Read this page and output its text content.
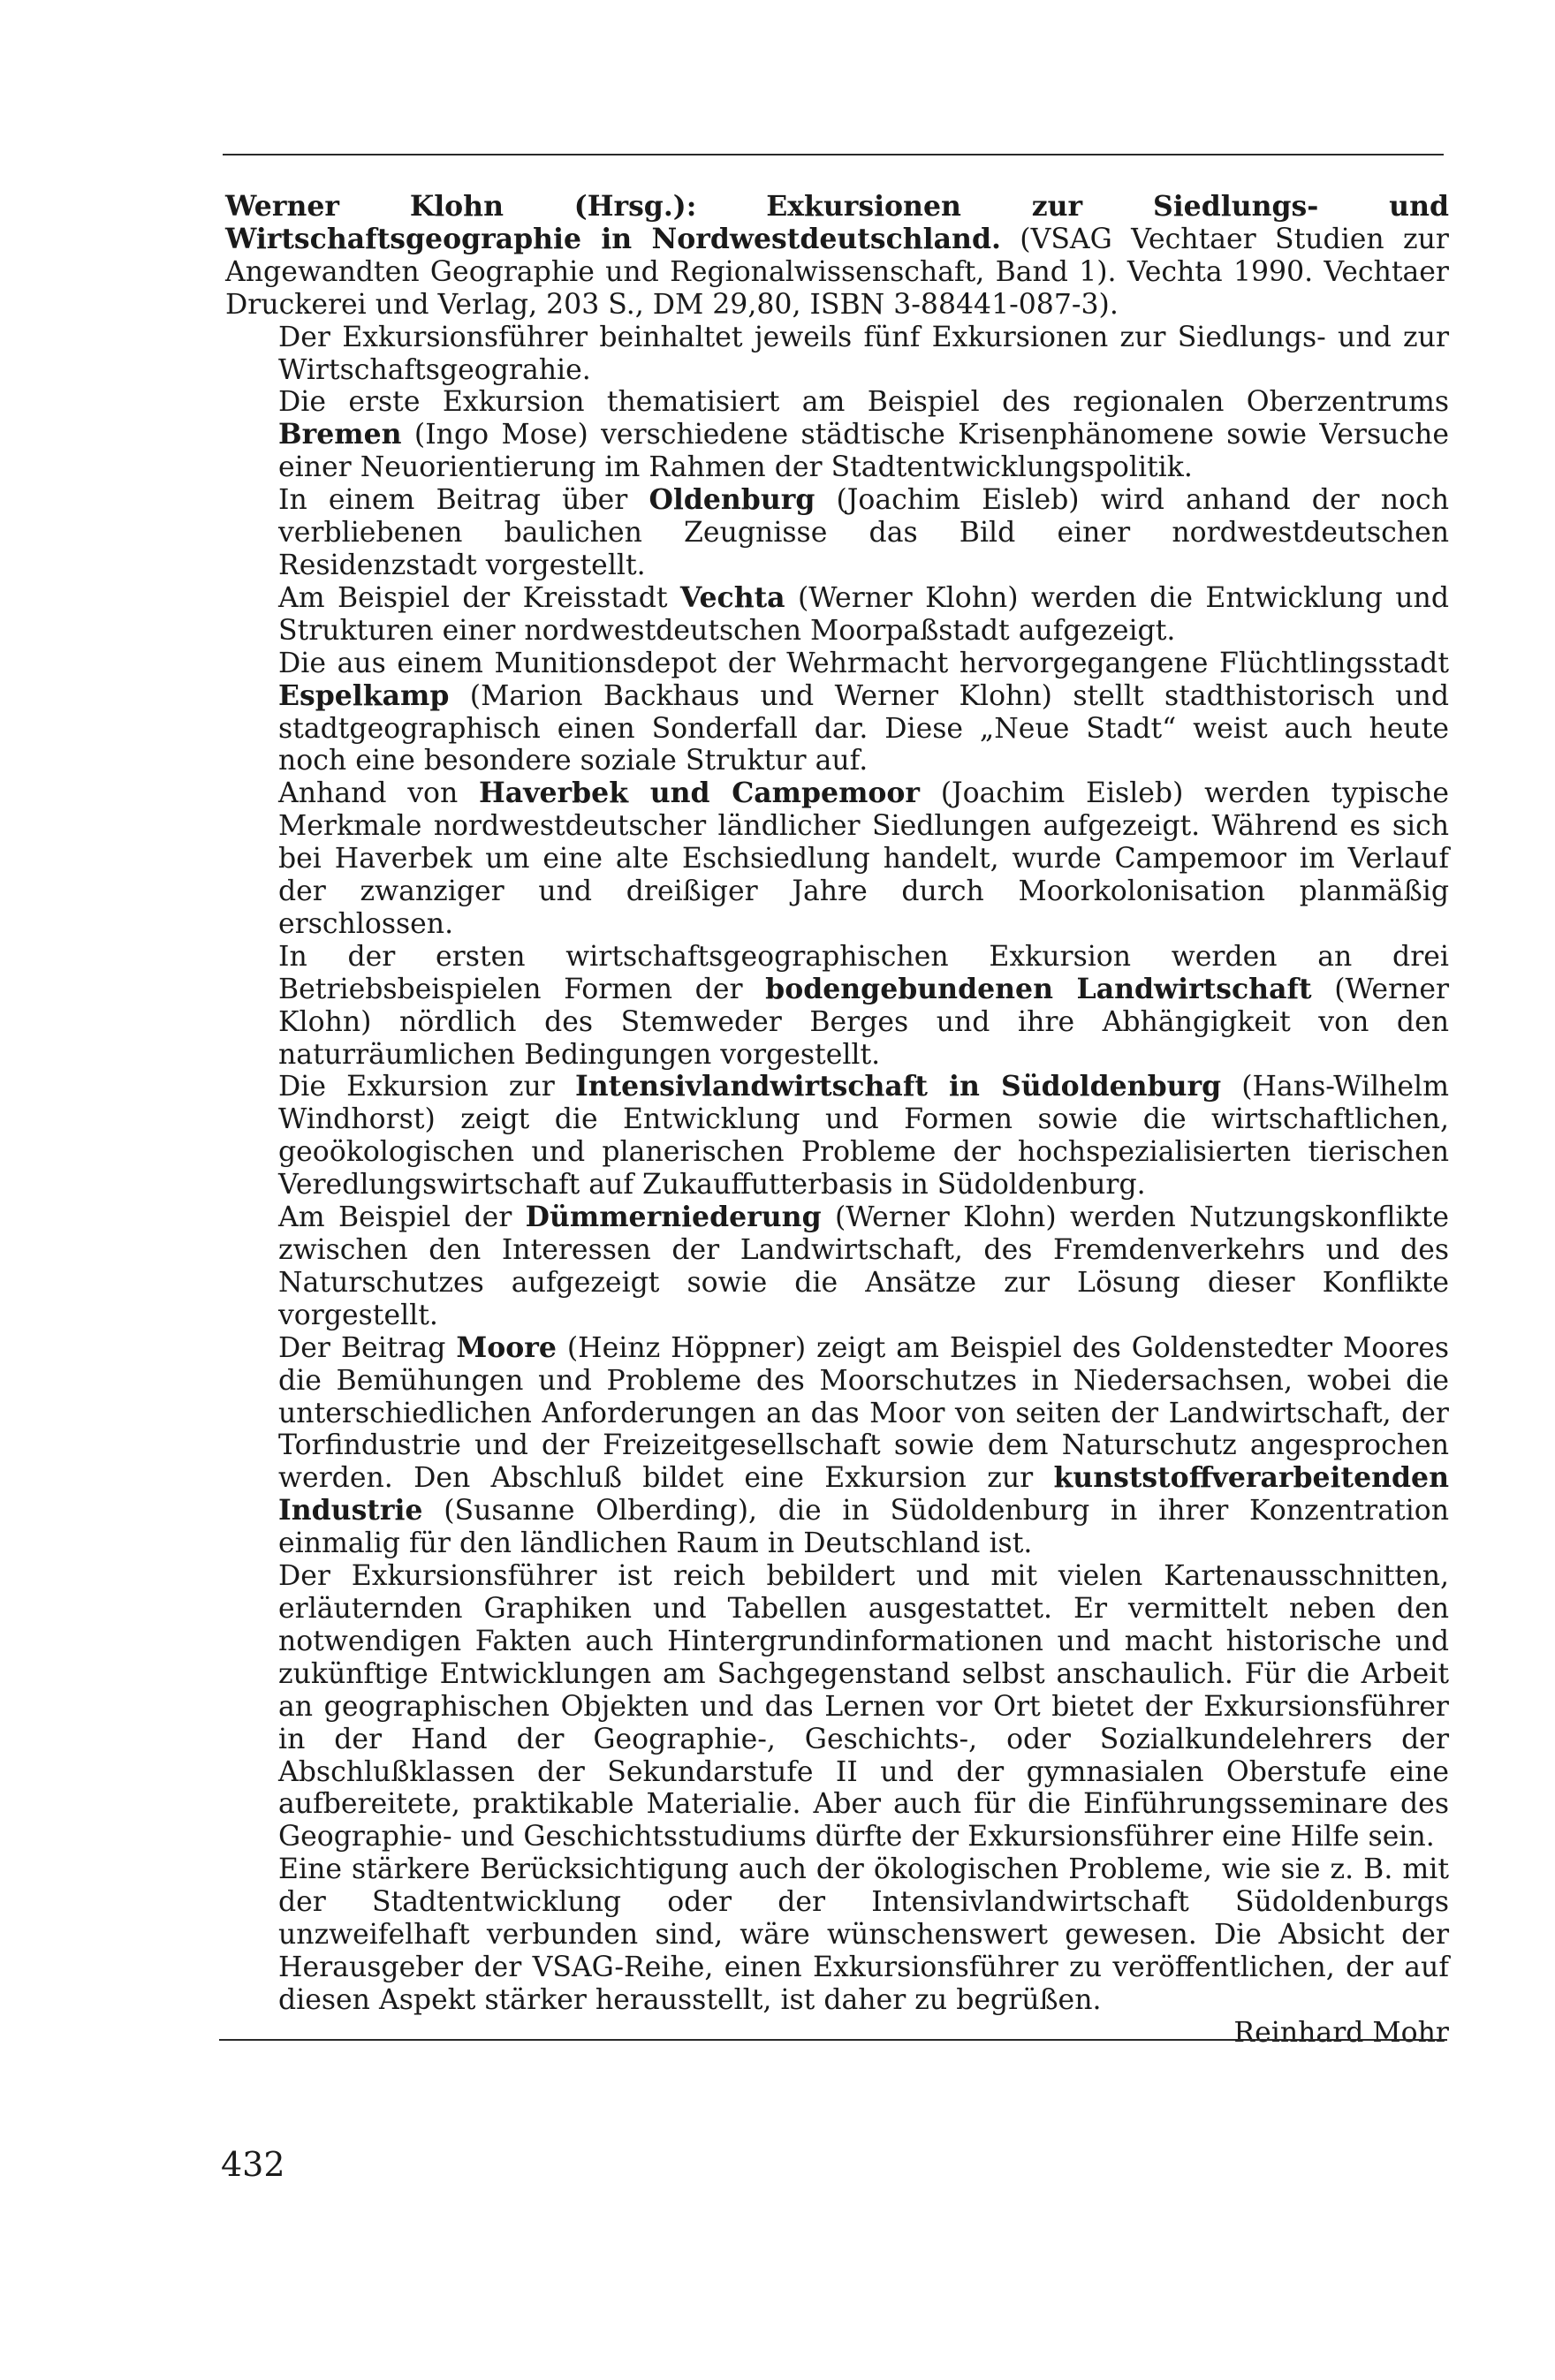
Werner Klohn (Hrsg.):	Exkursionen zur Siedlungs- und Wirtschaftsgeographie in Nordwestdeutschland. (VSAG Vechtaer Studien zur Angewandten Geographie und Regionalwissenschaft, Band 1). Vechta 1990. Vechtaer Druckerei und Verlag, 203 S., DM 29,80, ISBN 3-88441-087-3).

Der Exkursionsführer beinhaltet jeweils fünf Exkursionen zur Siedlungs- und zur Wirtschaftsgeograhie.

Die erste Exkursion thematisiert am Beispiel des regionalen Oberzentrums Bremen (Ingo Mose) verschiedene städtische Krisenphänomene sowie Versuche einer Neuorientierung im Rahmen der Stadtentwicklungspolitik.

In einem Beitrag über Oldenburg (Joachim Eisleb) wird anhand der noch verbliebenen baulichen Zeugnisse das Bild einer nordwestdeutschen Residenzstadt vorgestellt.

Am Beispiel der Kreisstadt Vechta (Werner Klohn) werden die Entwicklung und Strukturen einer nordwestdeutschen Moorpaßstadt aufgezeigt.

Die aus einem Munitionsdepot der Wehrmacht hervorgegangene Flüchtlingsstadt Espelkamp (Marion Backhaus und Werner Klohn) stellt stadthistorisch und stadtgeographisch einen Sonderfall dar. Diese „Neue Stadt“ weist auch heute noch eine besondere soziale Struktur auf.

Anhand von Haverbek und Campemoor (Joachim Eisleb) werden typische Merkmale nordwestdeutscher ländlicher Siedlungen aufgezeigt. Während es sich bei Haverbek um eine alte Eschsiedlung handelt, wurde Campemoor im Verlauf der zwanziger und dreißiger Jahre durch Moorkolonisation planmäßig erschlossen.

In der ersten wirtschaftsgeographischen Exkursion werden an drei Betriebsbeispielen Formen der bodengebundenen Landwirtschaft (Werner Klohn) nördlich des Stemweder Berges und ihre Abhängigkeit von den naturräumlichen Bedingungen vorgestellt.

Die Exkursion zur Intensivlandwirtschaft in Südoldenburg (Hans-Wilhelm Windhorst) zeigt die Entwicklung und Formen sowie die wirtschaftlichen, geoökologischen und planerischen Probleme der hochspezialisierten tierischen Veredlungswirtschaft auf Zukauffutterbasis in Südoldenburg.

Am Beispiel der Dümmerniederung (Werner Klohn) werden Nutzungskonflikte zwischen den Interessen der Landwirtschaft, des Fremdenverkehrs und des Naturschutzes aufgezeigt sowie die Ansätze zur Lösung dieser Konflikte vorgestellt.

Der Beitrag Moore (Heinz Höppner) zeigt am Beispiel des Goldenstedter Moores die Bemühungen und Probleme des Moorschutzes in Niedersachsen, wobei die unterschiedlichen Anforderungen an das Moor von seiten der Landwirtschaft, der Torfindustrie und der Freizeitgesellschaft sowie dem Naturschutz angesprochen werden. Den Abschluß bildet eine Exkursion zur kunststoffverarbeitenden Industrie (Susanne Olberding), die in Südoldenburg in ihrer Konzentration einmalig für den ländlichen Raum in Deutschland ist.

Der Exkursionsführer ist reich bebildert und mit vielen Kartenausschnitten, erläuternden Graphiken und Tabellen ausgestattet. Er vermittelt neben den notwendigen Fakten auch Hintergrundinformationen und macht historische und zukünftige Entwicklungen am Sachgegenstand selbst anschaulich. Für die Arbeit an geographischen Objekten und das Lernen vor Ort bietet der Exkursionsführer in der Hand der Geographie-, Geschichts-, oder Sozialkundelehrers der Abschlußklassen der Sekundarstufe II und der gymnasialen Oberstufe eine aufbereitete, praktikable Materialie. Aber auch für die Einführungsseminare des Geographie- und Geschichtsstudiums dürfte der Exkursionsführer eine Hilfe sein.

Eine stärkere Berücksichtigung auch der ökologischen Probleme, wie sie z. B. mit der Stadtentwicklung oder der Intensivlandwirtschaft Südoldenburgs unzweifelhaft verbunden sind, wäre wünschenswert gewesen. Die Absicht der Herausgeber der VSAG-Reihe, einen Exkursionsführer zu veröffentlichen, der auf diesen Aspekt stärker herausstellt, ist daher zu begrüßen.

Reinhard Mohr

432
